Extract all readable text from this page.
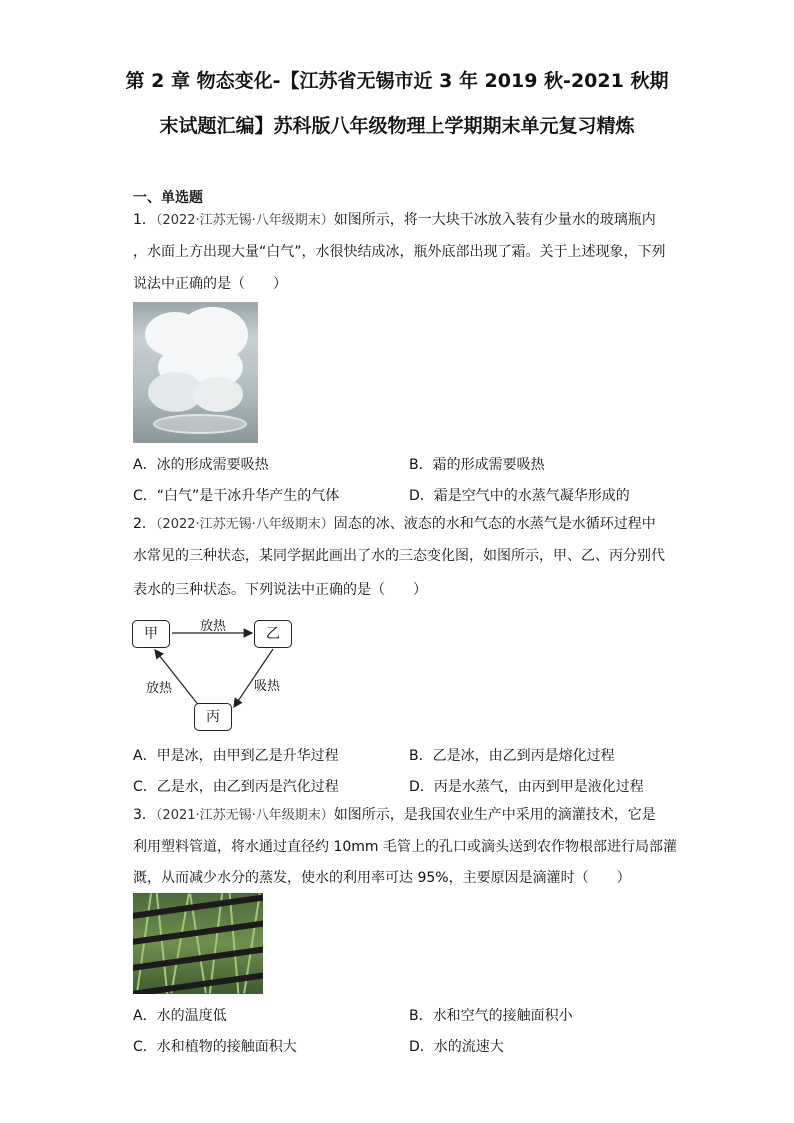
第 2 章 物态变化-【江苏省无锡市近 3 年 2019 秋-2021 秋期
末试题汇编】苏科版八年级物理上学期期末单元复习精炼
一、单选题
1．（2022·江苏无锡·八年级期末）如图所示，将一大块干冰放入装有少量水的玻璃瓶内
，水面上方出现大量“白气”，水很快结成冰，瓶外底部出现了霜。关于上述现象，下列
说法中正确的是（　　）
A．冰的形成需要吸热	B．霜的形成需要吸热
C．“白气”是干冰升华产生的气体	D．霜是空气中的水蒸气凝华形成的
2．（2022·江苏无锡·八年级期末）固态的冰、液态的水和气态的水蒸气是水循环过程中
水常见的三种状态，某同学据此画出了水的三态变化图，如图所示，甲、乙、丙分别代
表水的三种状态。下列说法中正确的是（　　）
甲	乙
丙
放热
吸热
放热
A．甲是冰，由甲到乙是升华过程	B．乙是冰，由乙到丙是熔化过程
C．乙是水，由乙到丙是汽化过程	D．丙是水蒸气，由丙到甲是液化过程
3．（2021·江苏无锡·八年级期末）如图所示，是我国农业生产中采用的滴灌技术，它是
利用塑料管道，将水通过直径约 10mm 毛管上的孔口或滴头送到农作物根部进行局部灌
溉，从而减少水分的蒸发，使水的利用率可达 95%，主要原因是滴灌时（　　）
A．水的温度低	B．水和空气的接触面积小
C．水和植物的接触面积大	D．水的流速大
